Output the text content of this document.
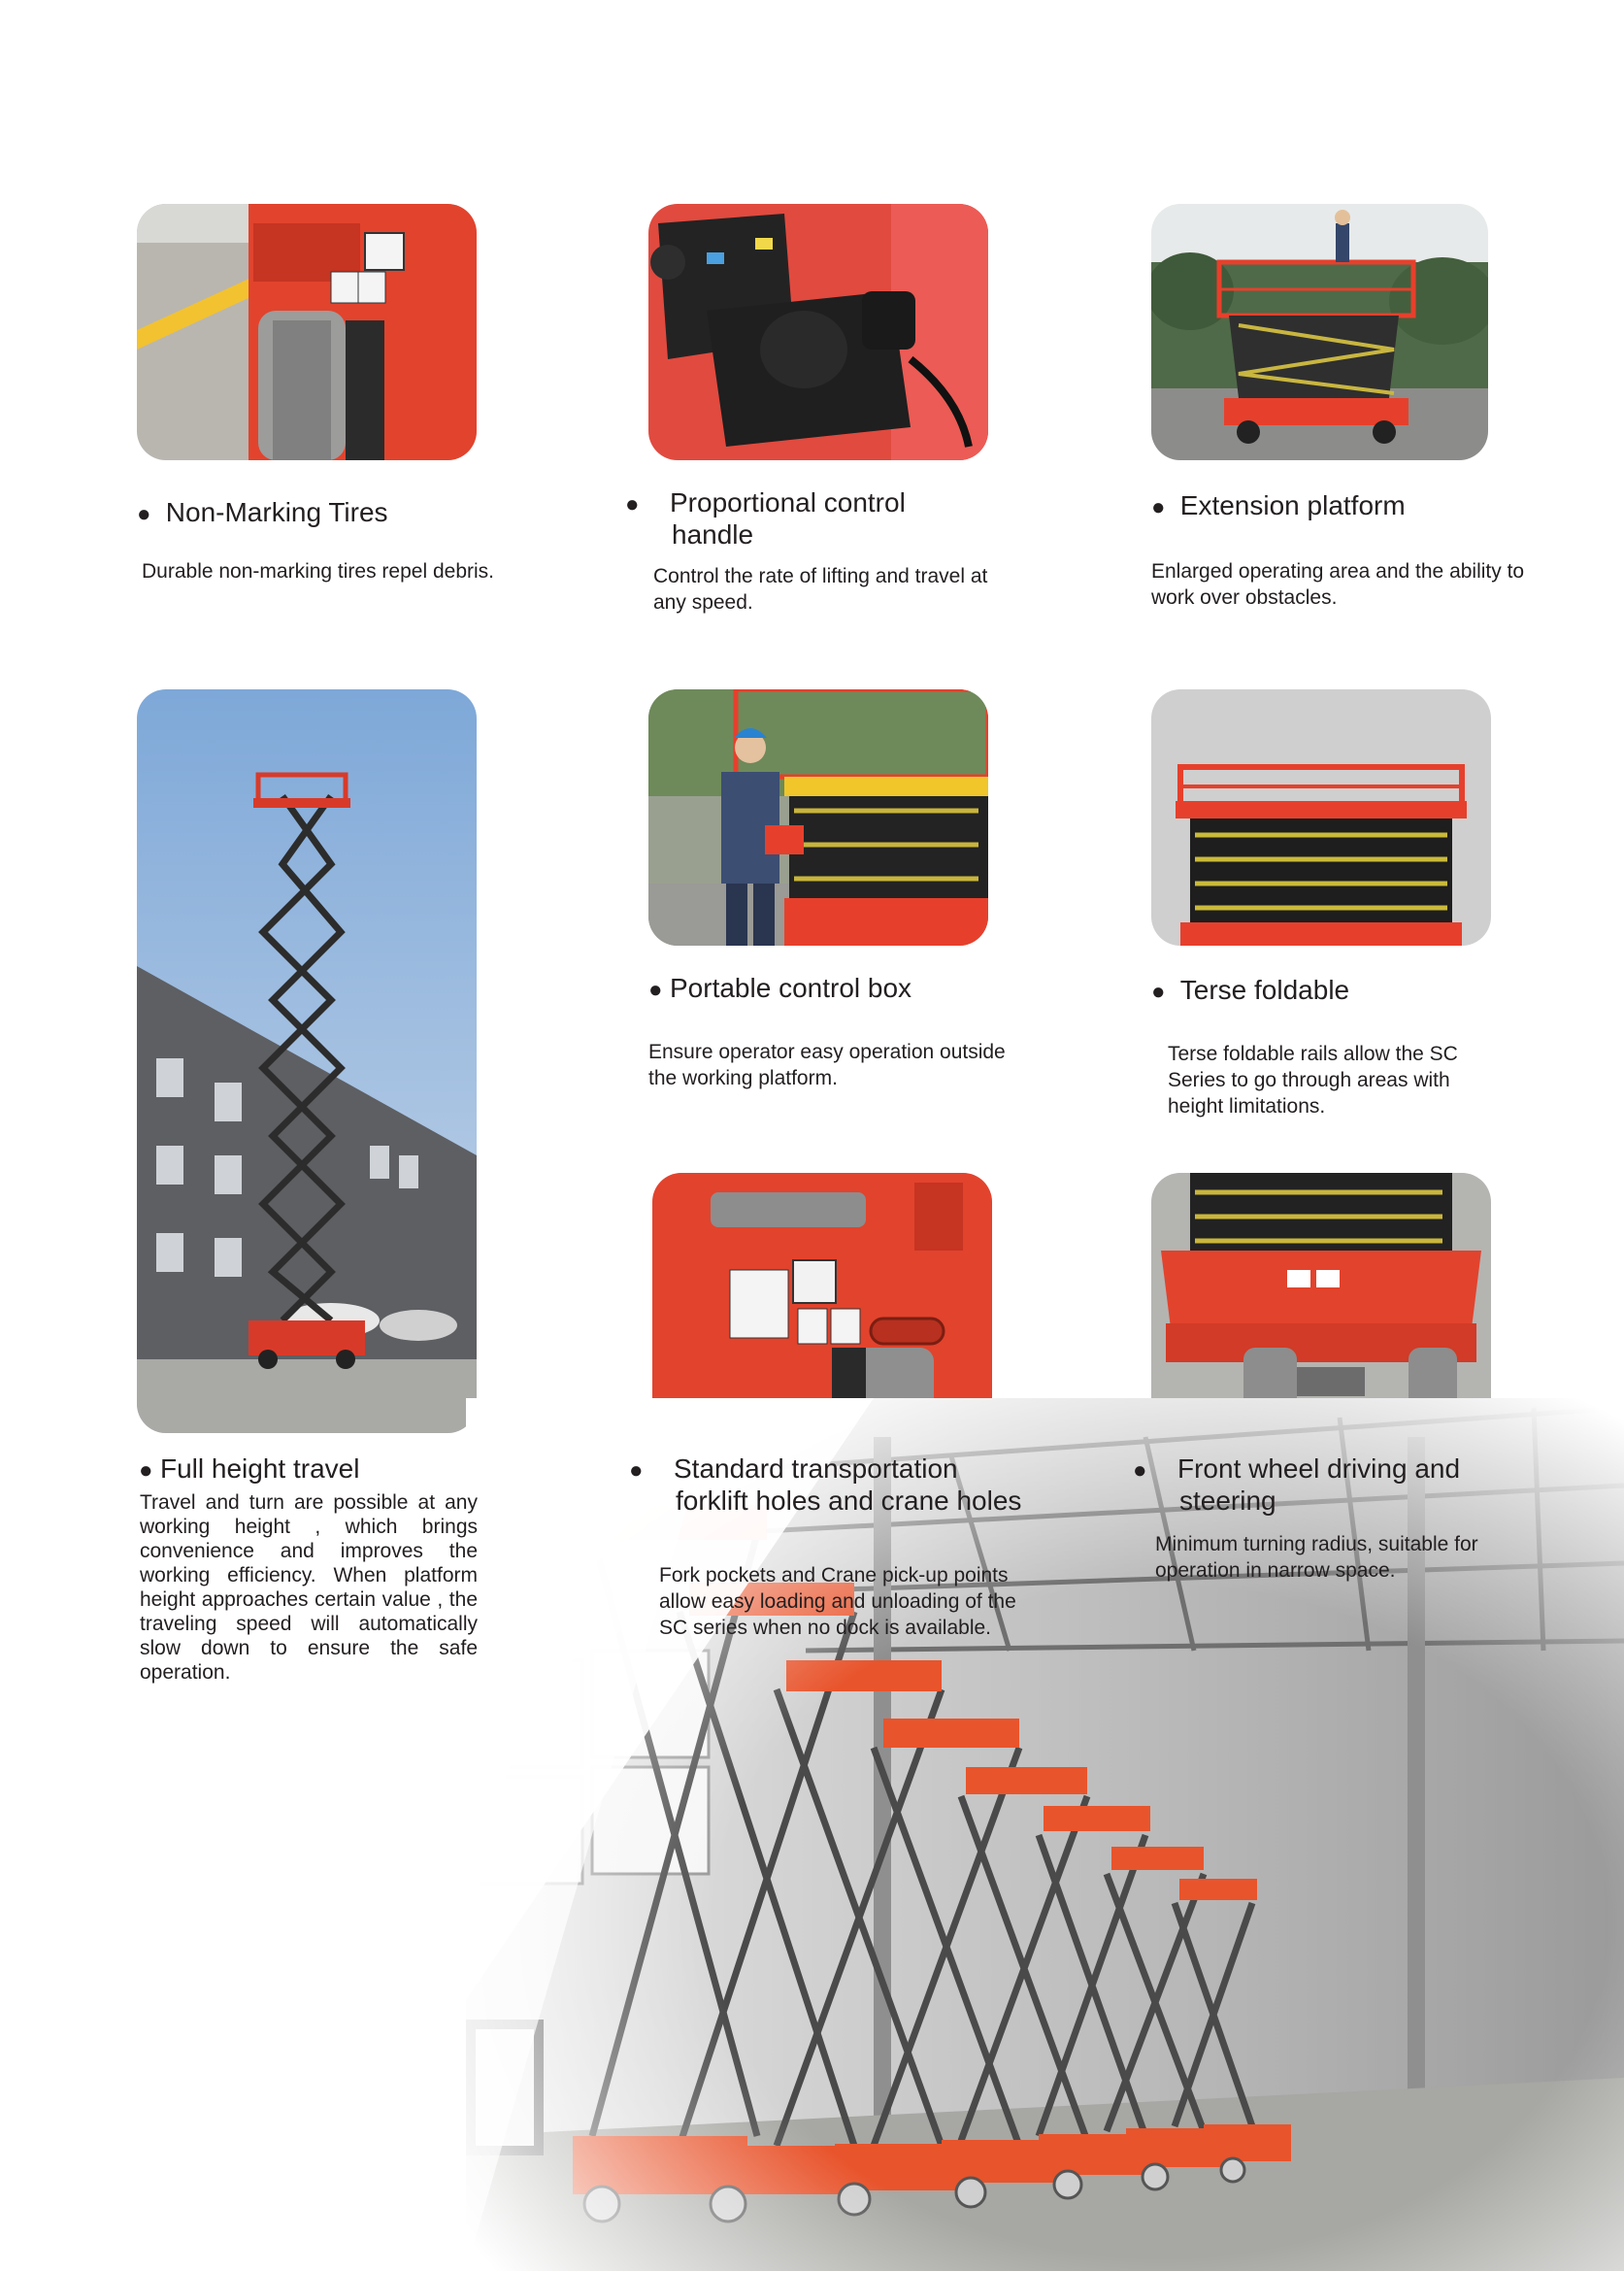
● Non-Marking Tires
Durable non-marking tires repel debris.
● Proportional control handle
Control the rate of lifting and travel at any speed.
● Extension platform
Enlarged operating area and the ability to work over obstacles.
● Portable control box
Ensure operator easy operation outside the working platform.
● Terse foldable
Terse foldable rails allow the SC Series to go through areas with height limitations.
● Full height travel
Travel and turn are possible at any working height , which brings convenience and improves the working efficiency. When platform height approaches certain value , the traveling speed will automatically slow down to ensure the safe operation.
● Standard transportation forklift holes and crane holes
Fork pockets and Crane pick-up points allow easy loading and unloading of the SC series when no dock is available.
● Front wheel driving and steering
Minimum turning radius, suitable for operation in narrow space.
